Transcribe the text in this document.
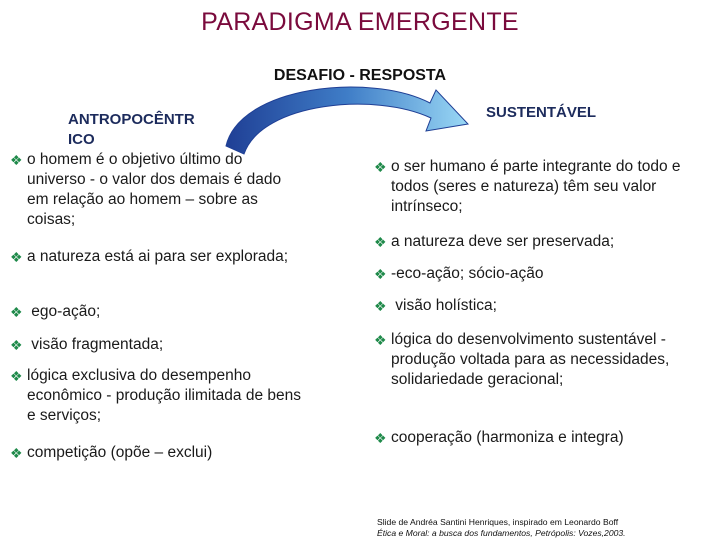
PARADIGMA EMERGENTE
DESAFIO - RESPOSTA
ANTROPOCÊNTR
ICO
SUSTENTÁVEL
❖ o homem é o objetivo último do universo - o valor dos demais é dado em relação ao homem – sobre as coisas;
❖ a natureza está ai para ser explorada;
❖ ego-ação;
❖ visão fragmentada;
❖ lógica exclusiva do desempenho econômico - produção ilimitada de bens e serviços;
❖ competição (opõe – exclui)
❖ o ser humano é parte integrante do todo e todos (seres e natureza) têm seu valor intrínseco;
❖ a natureza deve ser preservada;
❖ -eco-ação; sócio-ação
❖ visão holística;
❖ lógica do desenvolvimento sustentável -produção voltada para as necessidades, solidariedade geracional;
❖ cooperação (harmoniza e integra)
Slide de Andréa Santini Henriques, inspirado em Leonardo Boff
Ética e Moral: a busca dos fundamentos, Petrópolis: Vozes,2003.
